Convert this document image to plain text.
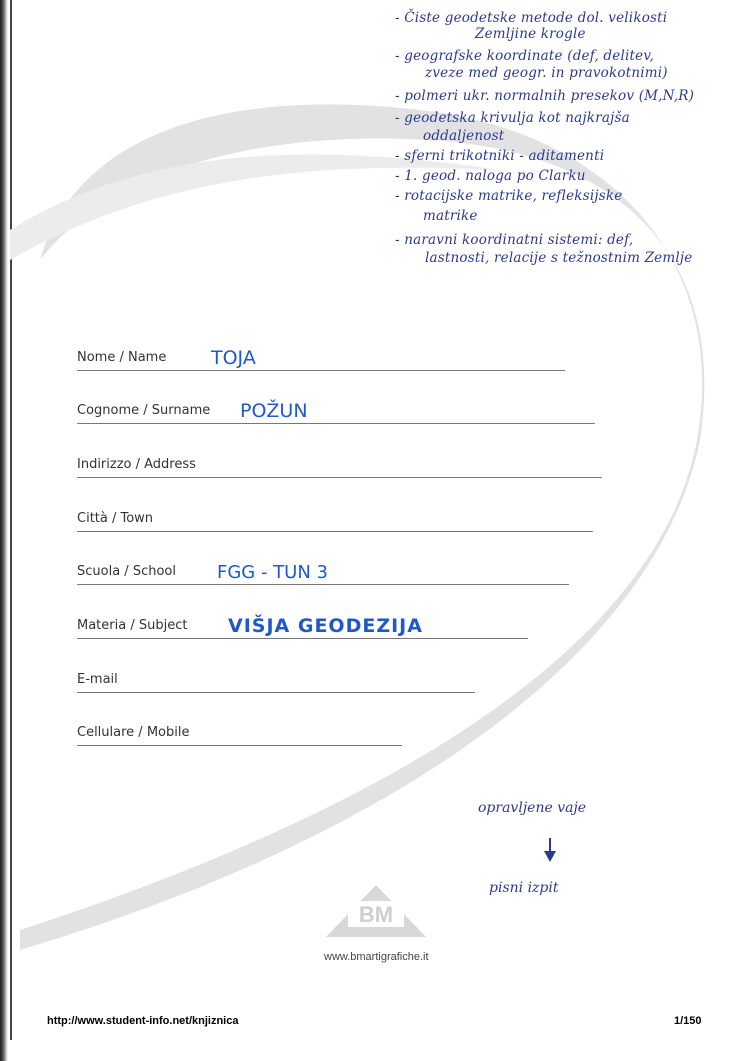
- Čiste geodetske metode dol. velikosti
Zemljine krogle
- geografske koordinate (def, delitev,
zveze med geogr. in pravokotnimi)
- polmeri ukr. normalnih presekov (M,N,R)
- geodetska krivulja kot najkrajša
oddaljenost
- sferni trikotniki - aditamenti
- 1. geod. naloga po Clarku
- rotacijske matrike, refleksijske
matrike
- naravni koordinatni sistemi: def,
lastnosti, relacije s težnostnim Zemlje
Nome / Name TOJA
Cognome / Surname POŽUN
Indirizzo / Address
Città / Town
Scuola / School FGG - TUN 3
Materia / Subject VIŠJA GEODEZIJA
E-mail
Cellulare / Mobile
opravljene vaje
pisni izpit
BM
www.bmartigrafiche.it
http://www.student-info.net/knjiznica	1/150
